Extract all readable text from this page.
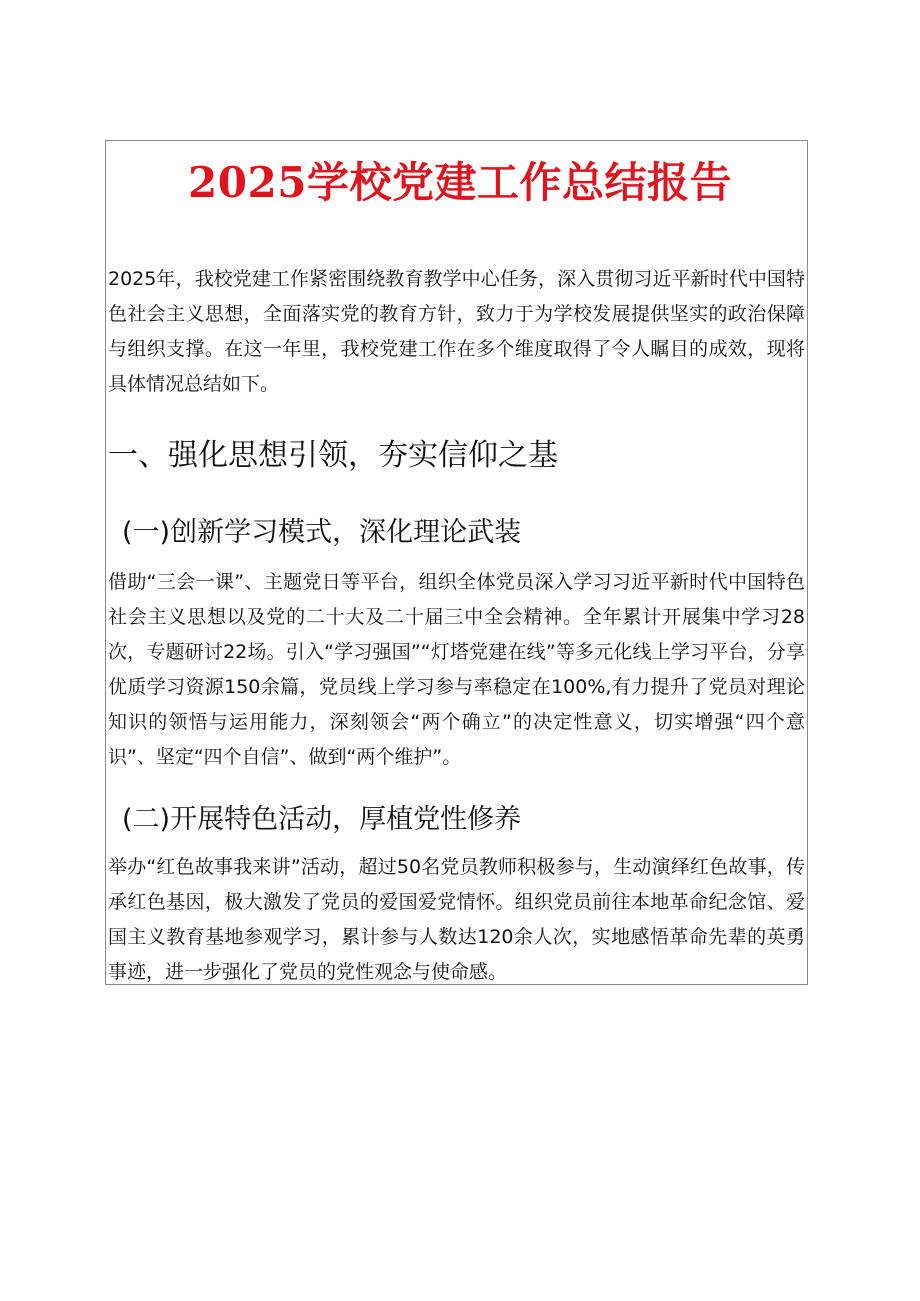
2025学校党建工作总结报告

2025年，我校党建工作紧密围绕教育教学中心任务，深入贯彻习近平新时代中国特色社会主义思想，全面落实党的教育方针，致力于为学校发展提供坚实的政治保障与组织支撑。在这一年里，我校党建工作在多个维度取得了令人瞩目的成效，现将具体情况总结如下。

一、强化思想引领，夯实信仰之基
(一)创新学习模式，深化理论武装

借助“三会一课”、主题党日等平台，组织全体党员深入学习习近平新时代中国特色社会主义思想以及党的二十大及二十届三中全会精神。全年累计开展集中学习28次，专题研讨22场。引入“学习强国”“灯塔党建在线”等多元化线上学习平台，分享优质学习资源150余篇，党员线上学习参与率稳定在100%,有力提升了党员对理论知识的领悟与运用能力，深刻领会“两个确立”的决定性意义，切实增强“四个意识”、坚定“四个自信”、做到“两个维护”。

(二)开展特色活动，厚植党性修养

举办“红色故事我来讲”活动，超过50名党员教师积极参与，生动演绎红色故事，传承红色基因，极大激发了党员的爱国爱党情怀。组织党员前往本地革命纪念馆、爱国主义教育基地参观学习，累计参与人数达120余人次，实地感悟革命先辈的英勇事迹，进一步强化了党员的党性观念与使命感。
